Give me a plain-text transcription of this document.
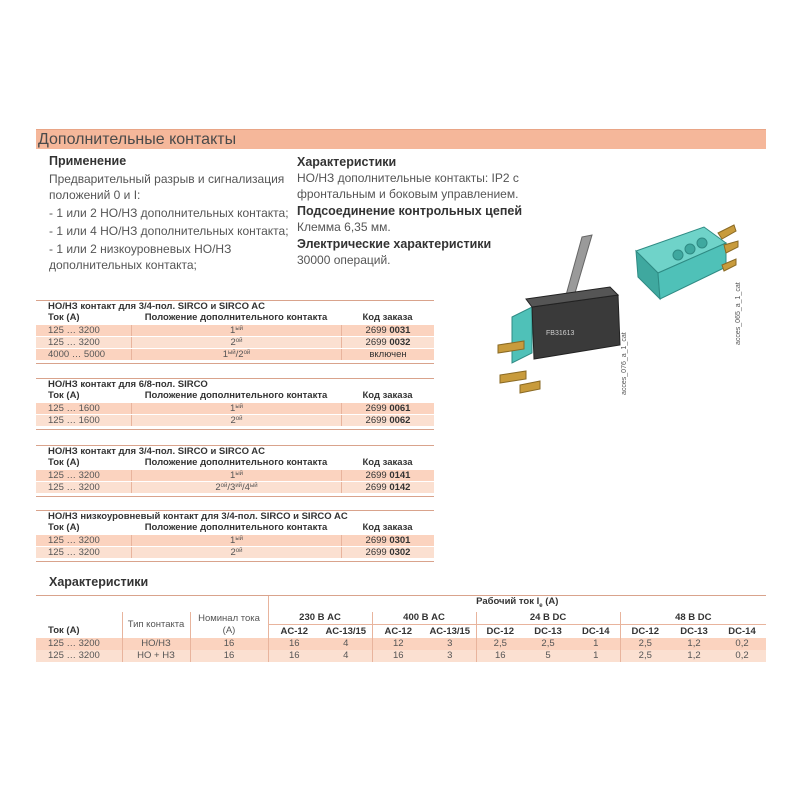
Дополнительные контакты
Применение

Предварительный разрыв и сигнализация положений 0 и I:

- 1 или 2 НО/НЗ дополнительных контакта;

- 1 или 4 НО/НЗ дополнительных контакта;

- 1 или 2 низкоуровневых НО/НЗ дополнительных контакта;

Характеристики

НО/НЗ дополнительные контакты: IP2 с фронтальным и боковым управлением.

Подсоединение контрольных цепей

Клемма 6,35 мм.

Электрические характеристики

30000 операций.

FB31613	acces_076_a_1_cat
acces_065_a_1_cat
НО/НЗ контакт для 3/4-пол. SIRCO и SIRCO AC
Ток (А)	Положение дополнительного контакта	Код заказа
125 … 3200	$1^{ый}$	2699 0031
125 … 3200	$2^{ой}$	2699 0032
4000 … 5000	$1^{ый}/2^{ой}$	включен
НО/НЗ контакт для 6/8-пол. SIRCO
Ток (А)	Положение дополнительного контакта	Код заказа
125 … 1600	$1^{ый}$	2699 0061
125 … 1600	$2^{ой}$	2699 0062
НО/НЗ контакт для 3/4-пол. SIRCO и SIRCO AC
Ток (А)	Положение дополнительного контакта	Код заказа
125 … 3200	$1^{ый}$	2699 0141
125 … 3200	$2^{ой}/3^{ий}/4^{ый}$	2699 0142
НО/НЗ низкоуровневый контакт для 3/4-пол. SIRCO и SIRCO AC
Ток (А)	Положение дополнительного контакта	Код заказа
125 … 3200	$1^{ый}$	2699 0301
125 … 3200	$2^{ой}$	2699 0302
Характеристики
			Рабочий ток $I_e$ (А)									
	Тип контакта	Номинал тока (А)	230 В AC		400 В AC		24 В DC			48 В DC		
Ток (А)			AC-12	AC-13/15	AC-12	AC-13/15	DC-12	DC-13	DC-14	DC-12	DC-13	DC-14
125 … 3200	НО/НЗ	16	16	4	12	3	2,5	2,5	1	2,5	1,2	0,2
125 … 3200	НО + НЗ	16	16	4	16	3	16	5	1	2,5	1,2	0,2
